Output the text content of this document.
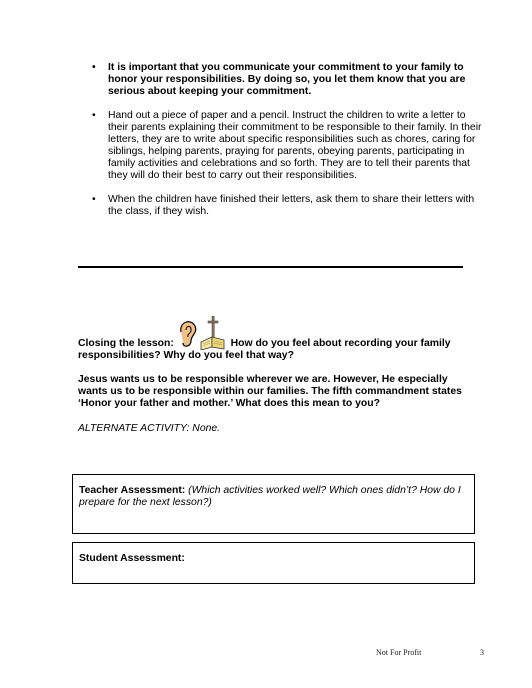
• It is important that you communicate your commitment to your family to honor your responsibilities. By doing so, you let them know that you are serious about keeping your commitment.
• Hand out a piece of paper and a pencil. Instruct the children to write a letter to their parents explaining their commitment to be responsible to their family. In their letters, they are to write about specific responsibilities such as chores, caring for siblings, helping parents, praying for parents, obeying parents, participating in family activities and celebrations and so forth. They are to tell their parents that they will do their best to carry out their responsibilities.
• When the children have finished their letters, ask them to share their letters with the class, if they wish.
Closing the lesson:	How do you feel about recording your family responsibilities? Why do you feel that way?
Jesus wants us to be responsible wherever we are. However, He especially wants us to be responsible within our families. The fifth commandment states ‘Honor your father and mother.’ What does this mean to you?
ALTERNATE ACTIVITY: None.
Teacher Assessment: (Which activities worked well? Which ones didn’t? How do I prepare for the next lesson?)
Student Assessment:
Not For Profit	3
